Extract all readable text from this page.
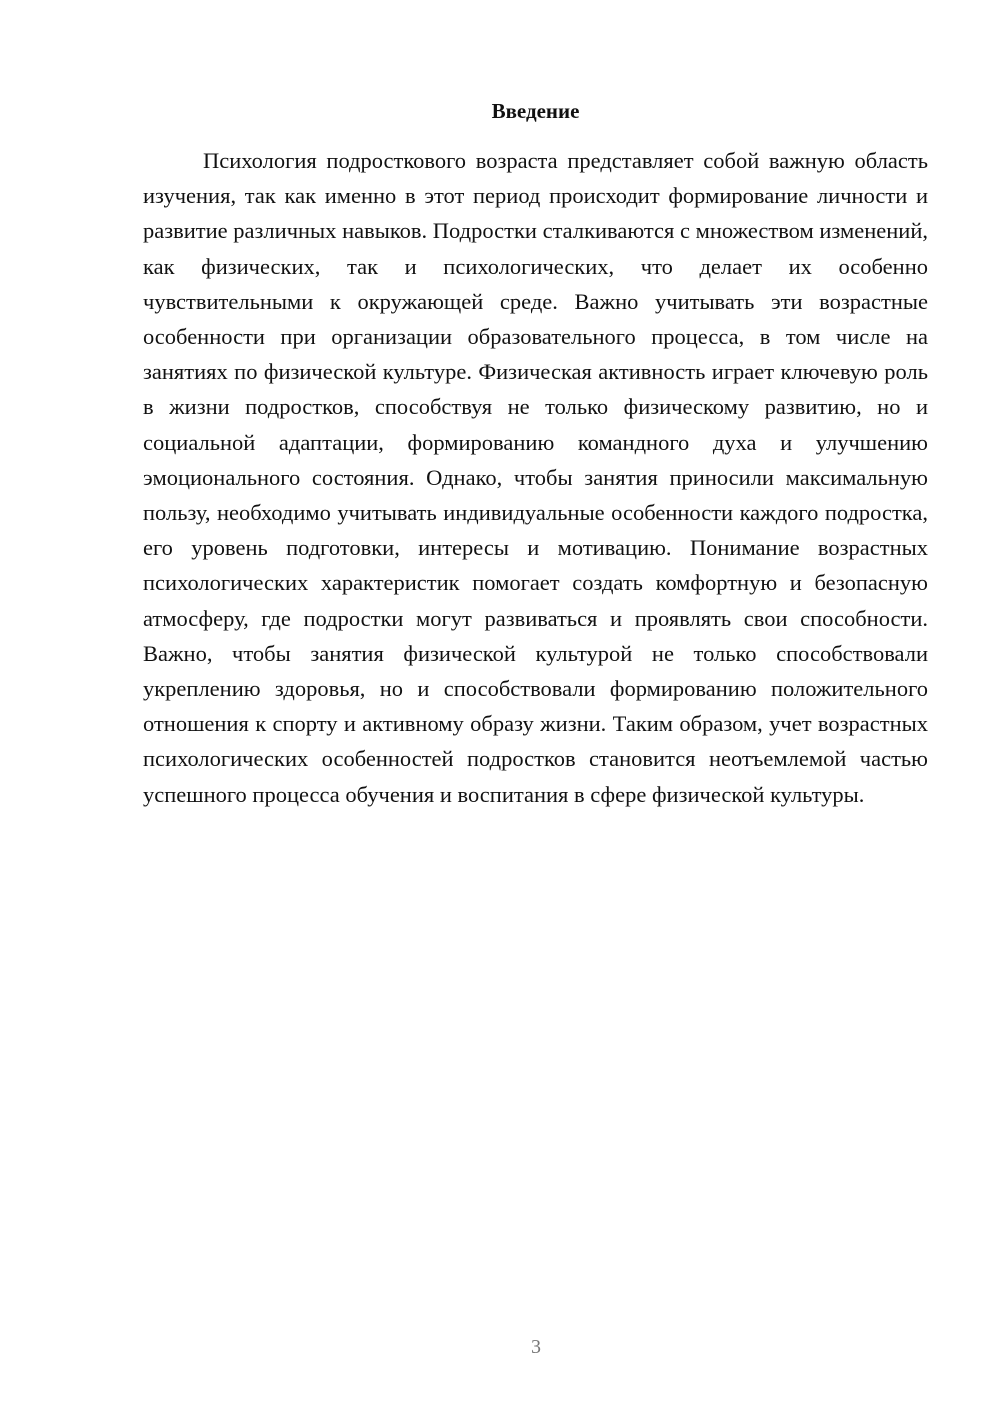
Введение

Психология подросткового возраста представляет собой важную область изучения, так как именно в этот период происходит формирование личности и развитие различных навыков. Подростки сталкиваются с множеством изменений, как физических, так и психологических, что делает их особенно чувствительными к окружающей среде. Важно учитывать эти возрастные особенности при организации образовательного процесса, в том числе на занятиях по физической культуре. Физическая активность играет ключевую роль в жизни подростков, способствуя не только физическому развитию, но и социальной адаптации, формированию командного духа и улучшению эмоционального состояния. Однако, чтобы занятия приносили максимальную пользу, необходимо учитывать индивидуальные особенности каждого подростка, его уровень подготовки, интересы и мотивацию. Понимание возрастных психологических характеристик помогает создать комфортную и безопасную атмосферу, где подростки могут развиваться и проявлять свои способности. Важно, чтобы занятия физической культурой не только способствовали укреплению здоровья, но и способствовали формированию положительного отношения к спорту и активному образу жизни. Таким образом, учет возрастных психологических особенностей подростков становится неотъемлемой частью успешного процесса обучения и воспитания в сфере физической культуры.

3
